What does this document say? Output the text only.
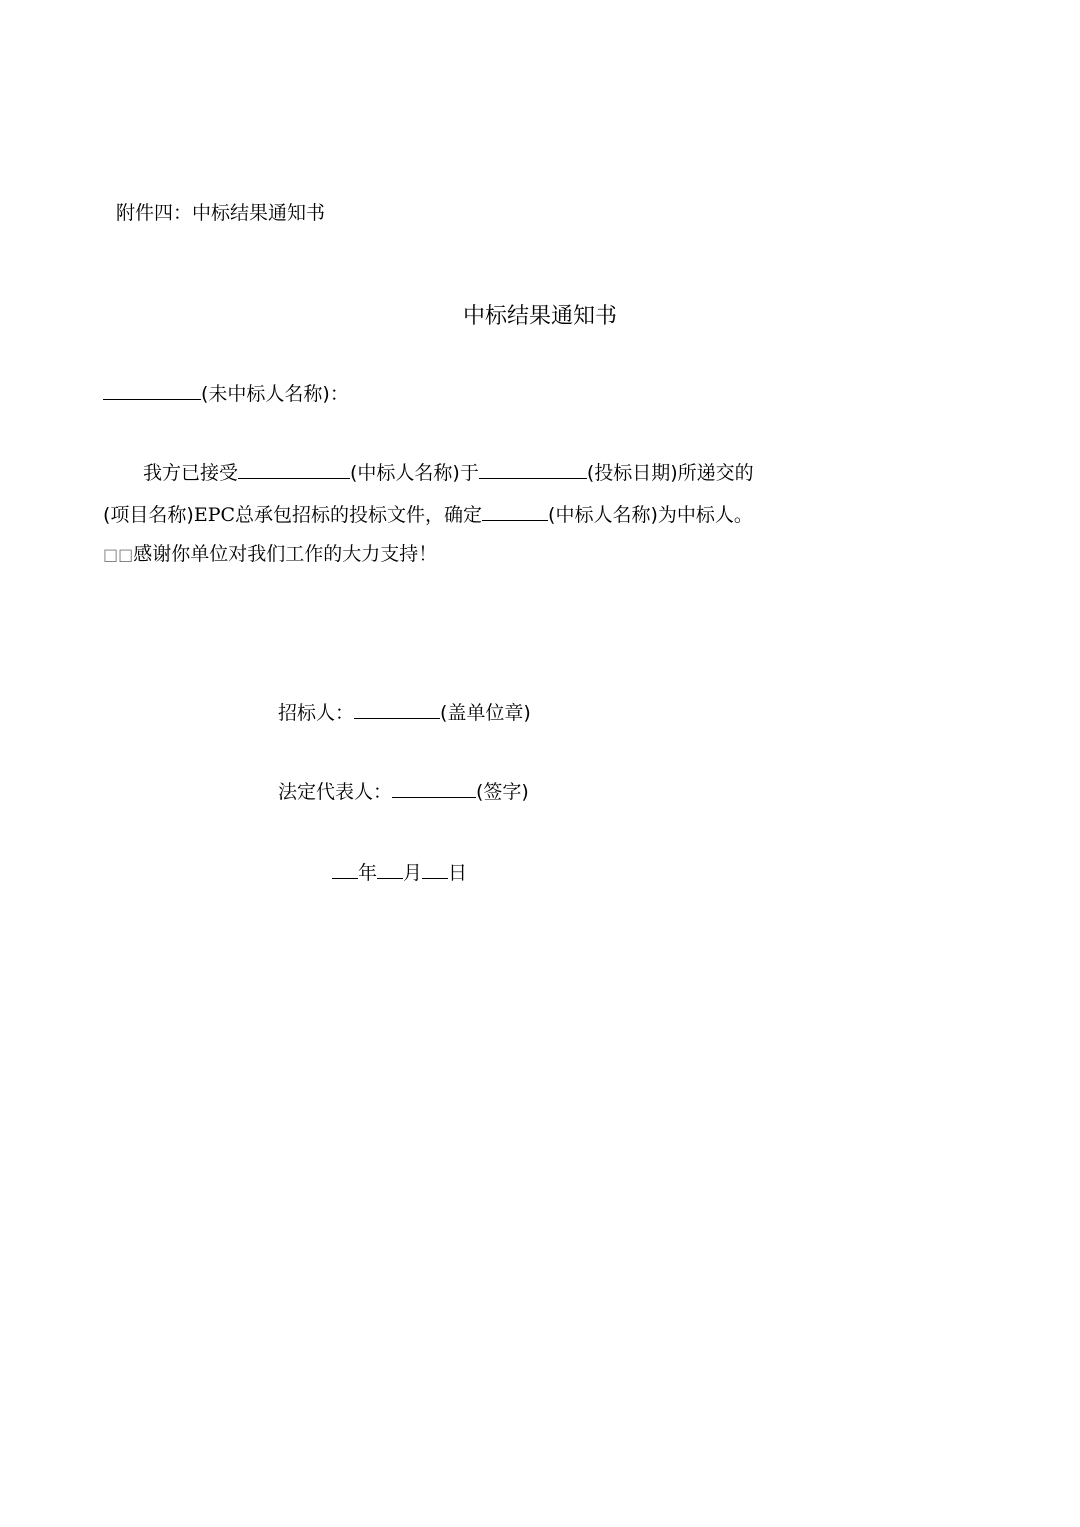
附件四：中标结果通知书
中标结果通知书
(未中标人名称)：
我方已接受	(中标人名称)于	(投标日期)所递交的
(项目名称)EPC总承包招标的投标文件，确定	(中标人名称)为中标人。
□□感谢你单位对我们工作的大力支持！
招标人：	(盖单位章)
法定代表人：	(签字)
年 月 日
